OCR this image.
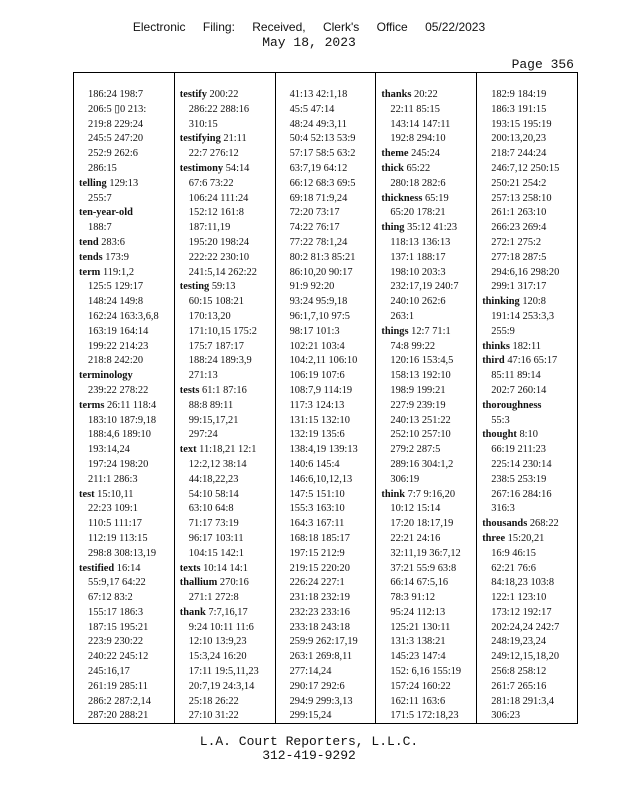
Electronic Filing: Received, Clerk's Office 05/22/2023
May 18, 2023
Page 356
186:24 198:7
206:5 ▯0 213:
219:8 229:24
245:5 247:20
252:9 262:6
286:15
telling 129:13
255:7
ten-year-old
188:7
tend 283:6
tends 173:9
term 119:1,2
125:5 129:17
148:24 149:8
162:24 163:3,6,8
163:19 164:14
199:22 214:23
218:8 242:20
terminology
239:22 278:22
terms 26:11 118:4
183:10 187:9,18
188:4,6 189:10
193:14,24
197:24 198:20
211:1 286:3
test 15:10,11
22:23 109:1
110:5 111:17
112:19 113:15
298:8 308:13,19
testified 16:14
55:9,17 64:22
67:12 83:2
155:17 186:3
187:15 195:21
223:9 230:22
240:22 245:12
245:16,17
261:19 285:11
286:2 287:2,14
287:20 288:21
testify 200:22
286:22 288:16
310:15
testifying 21:11
22:7 276:12
testimony 54:14
67:6 73:22
106:24 111:24
152:12 161:8
187:11,19
195:20 198:24
222:22 230:10
241:5,14 262:22
testing 59:13
60:15 108:21
170:13,20
171:10,15 175:2
175:7 187:17
188:24 189:3,9
271:13
tests 61:1 87:16
88:8 89:11
99:15,17,21
297:24
text 11:18,21 12:1
12:2,12 38:14
44:18,22,23
54:10 58:14
63:10 64:8
71:17 73:19
96:17 103:11
104:15 142:1
texts 10:14 14:1
thallium 270:16
271:1 272:8
thank 7:7,16,17
9:24 10:11 11:6
12:10 13:9,23
15:3,24 16:20
17:11 19:5,11,23
20:7,19 24:3,14
25:18 26:22
27:10 31:22
41:13 42:1,18
45:5 47:14
48:24 49:3,11
50:4 52:13 53:9
57:17 58:5 63:2
63:7,19 64:12
66:12 68:3 69:5
69:18 71:9,24
72:20 73:17
74:22 76:17
77:22 78:1,24
80:2 81:3 85:21
86:10,20 90:17
91:9 92:20
93:24 95:9,18
96:1,7,10 97:5
98:17 101:3
102:21 103:4
104:2,11 106:10
106:19 107:6
108:7,9 114:19
117:3 124:13
131:15 132:10
132:19 135:6
138:4,19 139:13
140:6 145:4
146:6,10,12,13
147:5 151:10
155:3 163:10
164:3 167:11
168:18 185:17
197:15 212:9
219:15 220:20
226:24 227:1
231:18 232:19
232:23 233:16
233:18 243:18
259:9 262:17,19
263:1 269:8,11
277:14,24
290:17 292:6
294:9 299:3,13
299:15,24
thanks 20:22
22:11 85:15
143:14 147:11
192:8 294:10
theme 245:24
thick 65:22
280:18 282:6
thickness 65:19
65:20 178:21
thing 35:12 41:23
118:13 136:13
137:1 188:17
198:10 203:3
232:17,19 240:7
240:10 262:6
263:1
things 12:7 71:1
74:8 99:22
120:16 153:4,5
158:13 192:10
198:9 199:21
227:9 239:19
240:13 251:22
252:10 257:10
279:2 287:5
289:16 304:1,2
306:19
think 7:7 9:16,20
10:12 15:14
17:20 18:17,19
22:21 24:16
32:11,19 36:7,12
37:21 55:9 63:8
66:14 67:5,16
78:3 91:12
95:24 112:13
125:21 130:11
131:3 138:21
145:23 147:4
152: 6,16 155:19
157:24 160:22
162:11 163:6
171:5 172:18,23
182:9 184:19
186:3 191:15
193:15 195:19
200:13,20,23
218:7 244:24
246:7,12 250:15
250:21 254:2
257:13 258:10
261:1 263:10
266:23 269:4
272:1 275:2
277:18 287:5
294:6,16 298:20
299:1 317:17
thinking 120:8
191:14 253:3,3
255:9
thinks 182:11
third 47:16 65:17
85:11 89:14
202:7 260:14
thoroughness
55:3
thought 8:10
66:19 211:23
225:14 230:14
238:5 253:19
267:16 284:16
316:3
thousands 268:22
three 15:20,21
16:9 46:15
62:21 76:6
84:18,23 103:8
122:1 123:10
173:12 192:17
202:24,24 242:7
248:19,23,24
249:12,15,18,20
256:8 258:12
261:7 265:16
281:18 291:3,4
306:23
L.A. Court Reporters, L.L.C.
312-419-9292
